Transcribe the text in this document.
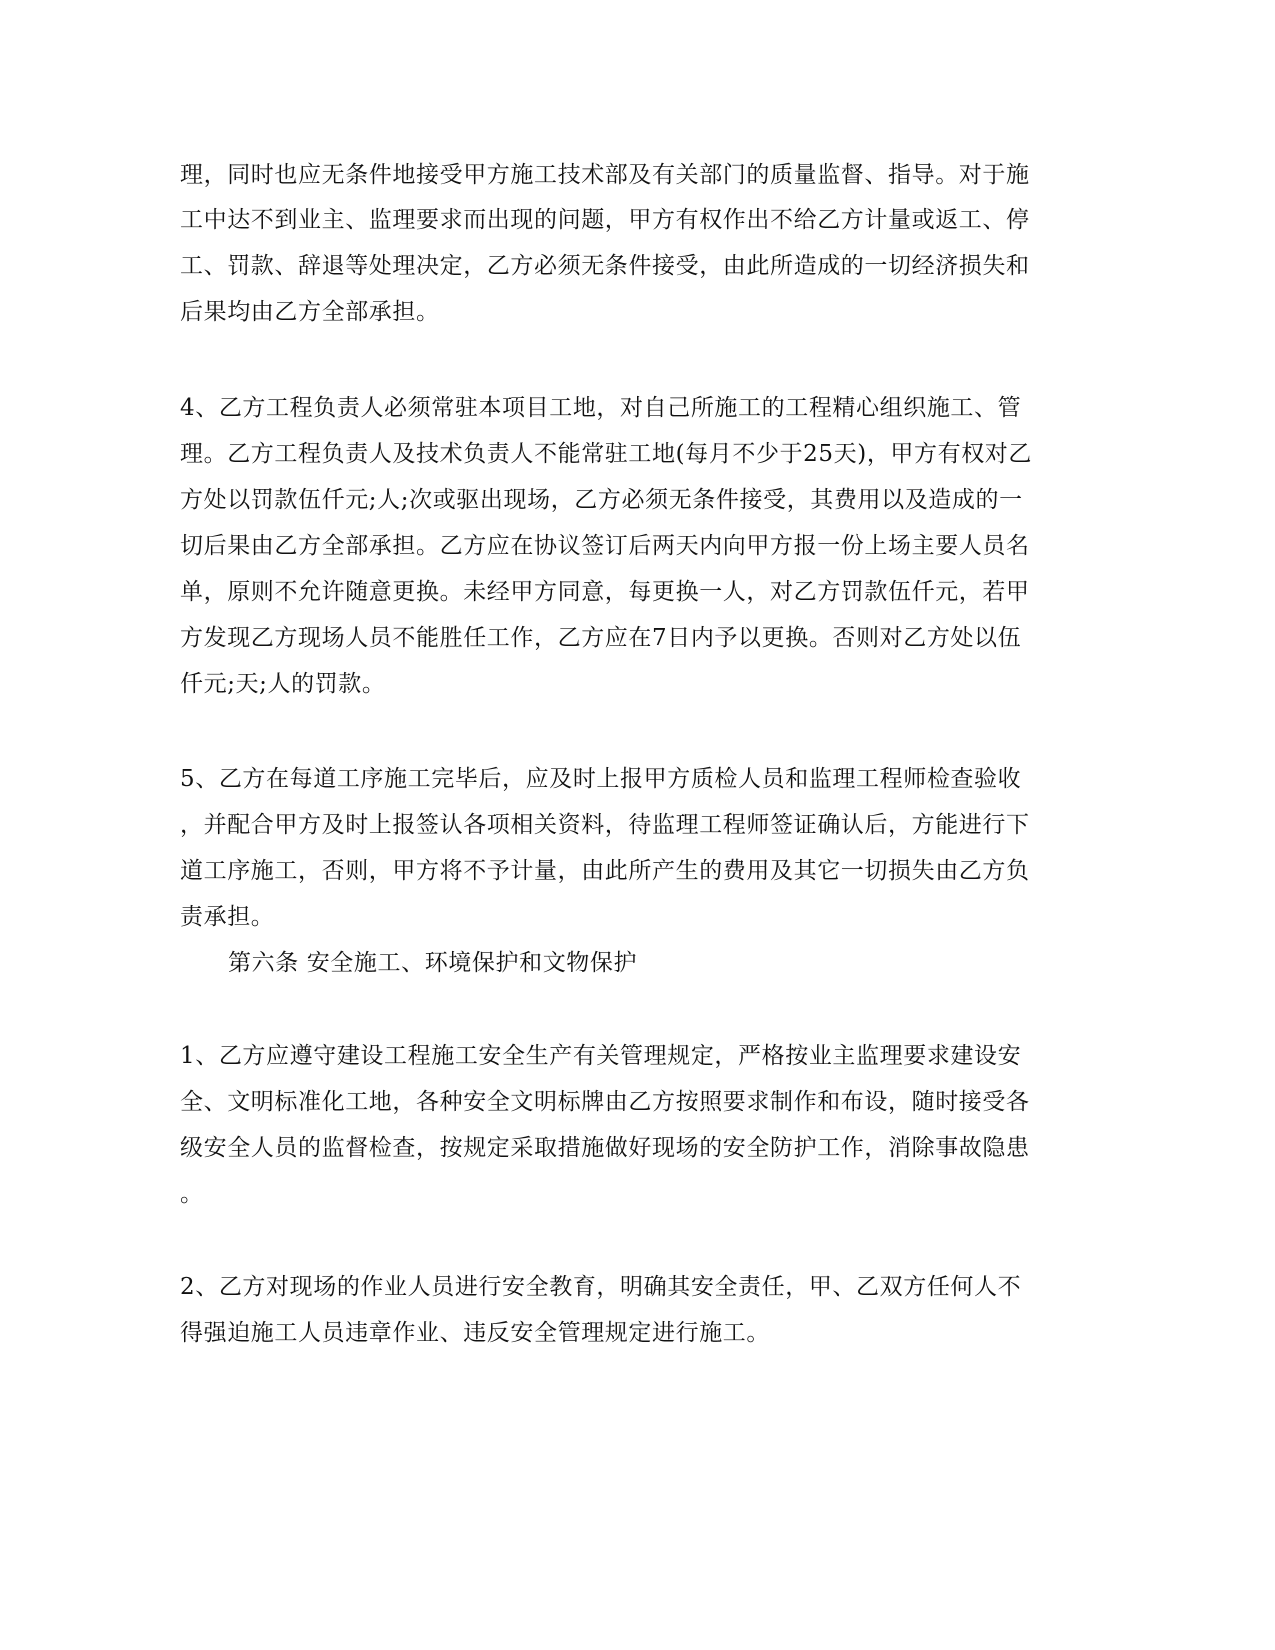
理，同时也应无条件地接受甲方施工技术部及有关部门的质量监督、指导。对于施
工中达不到业主、监理要求而出现的问题，甲方有权作出不给乙方计量或返工、停
工、罚款、辞退等处理决定，乙方必须无条件接受，由此所造成的一切经济损失和
后果均由乙方全部承担。
4、乙方工程负责人必须常驻本项目工地，对自己所施工的工程精心组织施工、管
理。乙方工程负责人及技术负责人不能常驻工地(每月不少于25天)，甲方有权对乙
方处以罚款伍仟元;人;次或驱出现场，乙方必须无条件接受，其费用以及造成的一
切后果由乙方全部承担。乙方应在协议签订后两天内向甲方报一份上场主要人员名
单，原则不允许随意更换。未经甲方同意，每更换一人，对乙方罚款伍仟元，若甲
方发现乙方现场人员不能胜任工作，乙方应在7日内予以更换。否则对乙方处以伍
仟元;天;人的罚款。
5、乙方在每道工序施工完毕后，应及时上报甲方质检人员和监理工程师检查验收
，并配合甲方及时上报签认各项相关资料，待监理工程师签证确认后，方能进行下
道工序施工，否则，甲方将不予计量，由此所产生的费用及其它一切损失由乙方负
责承担。
第六条 安全施工、环境保护和文物保护
1、乙方应遵守建设工程施工安全生产有关管理规定，严格按业主监理要求建设安
全、文明标准化工地，各种安全文明标牌由乙方按照要求制作和布设，随时接受各
级安全人员的监督检查，按规定采取措施做好现场的安全防护工作，消除事故隐患
。
2、乙方对现场的作业人员进行安全教育，明确其安全责任，甲、乙双方任何人不
得强迫施工人员违章作业、违反安全管理规定进行施工。
